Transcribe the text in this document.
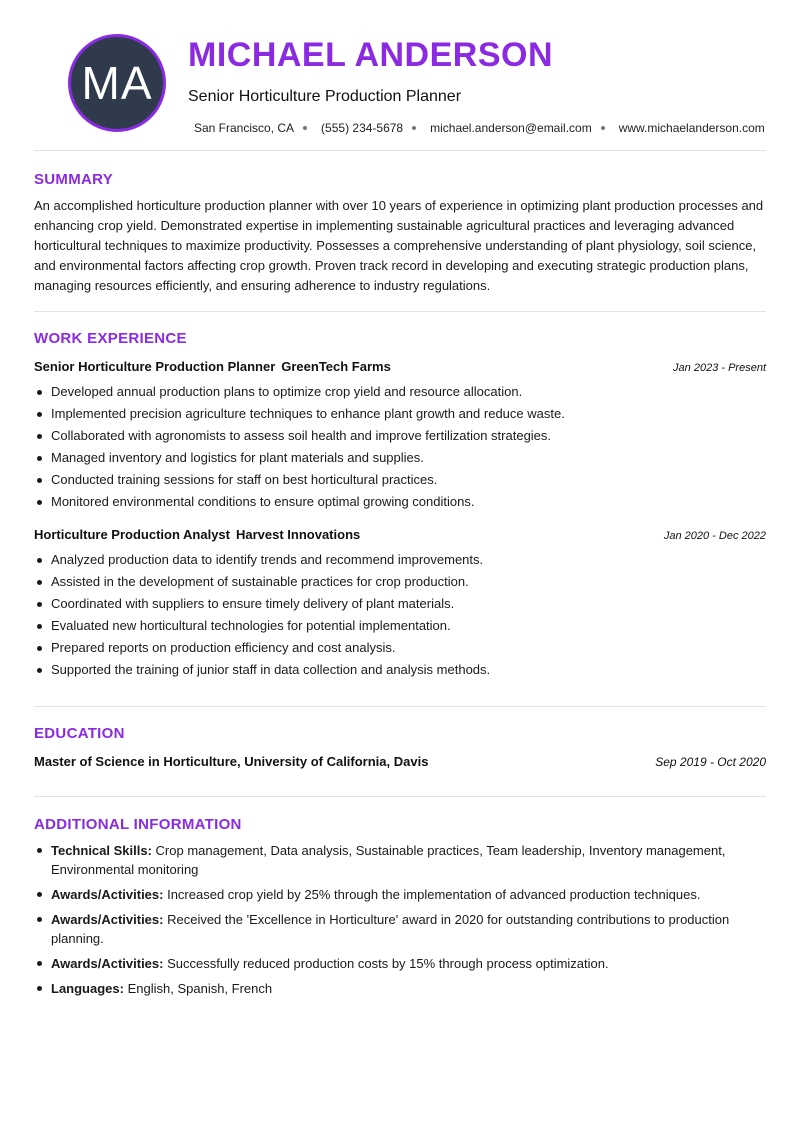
MA
MICHAEL ANDERSON
Senior Horticulture Production Planner
San Francisco, CA (555) 234-5678 michael.anderson@email.com www.michaelanderson.com
SUMMARY
An accomplished horticulture production planner with over 10 years of experience in optimizing plant production processes and enhancing crop yield. Demonstrated expertise in implementing sustainable agricultural practices and leveraging advanced horticultural techniques to maximize productivity. Possesses a comprehensive understanding of plant physiology, soil science, and environmental factors affecting crop growth. Proven track record in developing and executing strategic production plans, managing resources efficiently, and ensuring adherence to industry regulations.
WORK EXPERIENCE
Senior Horticulture Production Planner GreenTech Farms	Jan 2023 - Present
Developed annual production plans to optimize crop yield and resource allocation.
Implemented precision agriculture techniques to enhance plant growth and reduce waste.
Collaborated with agronomists to assess soil health and improve fertilization strategies.
Managed inventory and logistics for plant materials and supplies.
Conducted training sessions for staff on best horticultural practices.
Monitored environmental conditions to ensure optimal growing conditions.
Horticulture Production Analyst Harvest Innovations	Jan 2020 - Dec 2022
Analyzed production data to identify trends and recommend improvements.
Assisted in the development of sustainable practices for crop production.
Coordinated with suppliers to ensure timely delivery of plant materials.
Evaluated new horticultural technologies for potential implementation.
Prepared reports on production efficiency and cost analysis.
Supported the training of junior staff in data collection and analysis methods.
EDUCATION
Master of Science in Horticulture, University of California, Davis	Sep 2019 - Oct 2020
ADDITIONAL INFORMATION
Technical Skills: Crop management, Data analysis, Sustainable practices, Team leadership, Inventory management, Environmental monitoring
Awards/Activities: Increased crop yield by 25% through the implementation of advanced production techniques.
Awards/Activities: Received the 'Excellence in Horticulture' award in 2020 for outstanding contributions to production planning.
Awards/Activities: Successfully reduced production costs by 15% through process optimization.
Languages: English, Spanish, French
